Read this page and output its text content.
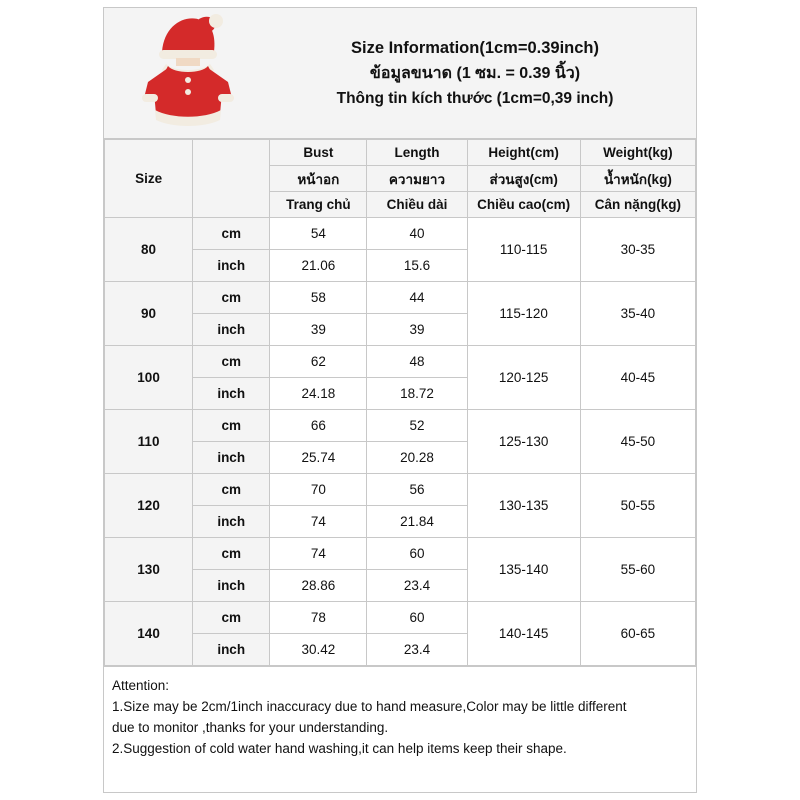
Size Information(1cm=0.39inch)
ข้อมูลขนาด (1 ซม. = 0.39 นิ้ว)
Thông tin kích thước (1cm=0,39 inch)
Size		Bust	Length	Height(cm)	Weight(kg)
		หน้าอก	ความยาว	ส่วนสูง(cm)	น้ำหนัก(kg)
		Trang chủ	Chiều dài	Chiều cao(cm)	Cân nặng(kg)
80	cm	54	40	110-115	30-35
	inch	21.06	15.6		
90	cm	58	44	115-120	35-40
	inch	39	39		
100	cm	62	48	120-125	40-45
	inch	24.18	18.72		
110	cm	66	52	125-130	45-50
	inch	25.74	20.28		
120	cm	70	56	130-135	50-55
	inch	74	21.84		
130	cm	74	60	135-140	55-60
	inch	28.86	23.4		
140	cm	78	60	140-145	60-65
	inch	30.42	23.4		
Attention:
1.Size may be 2cm/1inch inaccuracy due to hand measure,Color may be little different
due to monitor ,thanks for your understanding.
2.Suggestion of cold water hand washing,it can help items keep their shape.
